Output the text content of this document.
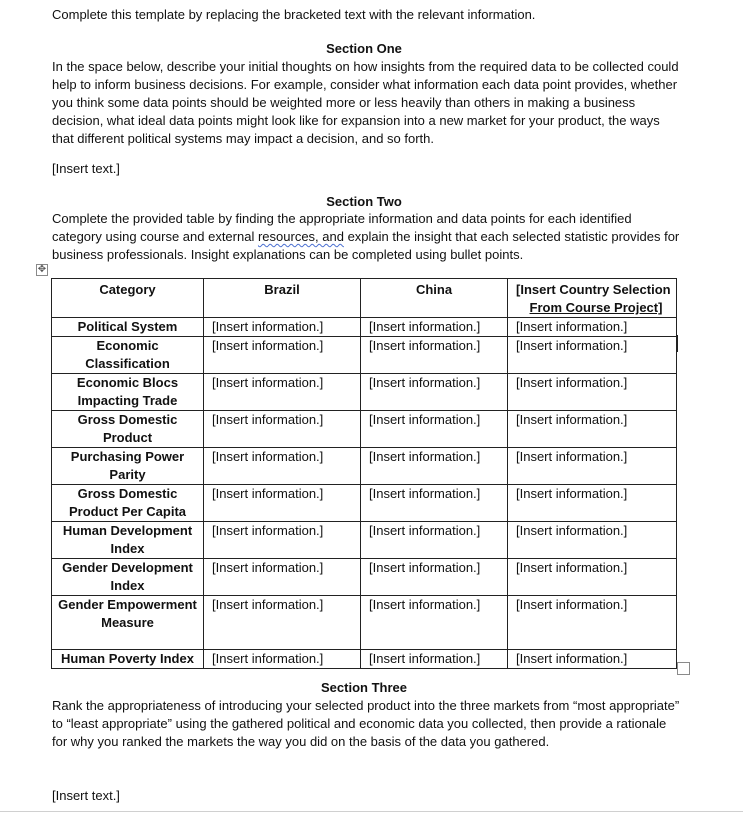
Complete this template by replacing the bracketed text with the relevant information.

Section One

In the space below, describe your initial thoughts on how insights from the required data to be collected could help to inform business decisions. For example, consider what information each data point provides, whether you think some data points should be weighted more or less heavily than others in making a business decision, what ideal data points might look like for expansion into a new market for your product, the ways that different political systems may impact a decision, and so forth.

[Insert text.]

Section Two

Complete the provided table by finding the appropriate information and data points for each identified category using course and external resources, and explain the insight that each selected statistic provides for business professionals. Insight explanations can be completed using bullet points.

✥
Category	Brazil	China	[Insert Country Selection
From Course Project]

Political System	[Insert information.]	[Insert information.]	[Insert information.]
Economic Classification	[Insert information.]	[Insert information.]	[Insert information.]
Economic Blocs Impacting Trade	[Insert information.]	[Insert information.]	[Insert information.]
Gross Domestic Product	[Insert information.]	[Insert information.]	[Insert information.]
Purchasing Power Parity	[Insert information.]	[Insert information.]	[Insert information.]
Gross Domestic Product Per Capita	[Insert information.]	[Insert information.]	[Insert information.]
Human Development Index	[Insert information.]	[Insert information.]	[Insert information.]
Gender Development Index	[Insert information.]	[Insert information.]	[Insert information.]
Gender Empowerment Measure	[Insert information.]	[Insert information.]	[Insert information.]
Human Poverty Index	[Insert information.]	[Insert information.]	[Insert information.]
Section Three

Rank the appropriateness of introducing your selected product into the three markets from “most appropriate” to “least appropriate” using the gathered political and economic data you collected, then provide a rationale for why you ranked the markets the way you did on the basis of the data you gathered.

[Insert text.]
